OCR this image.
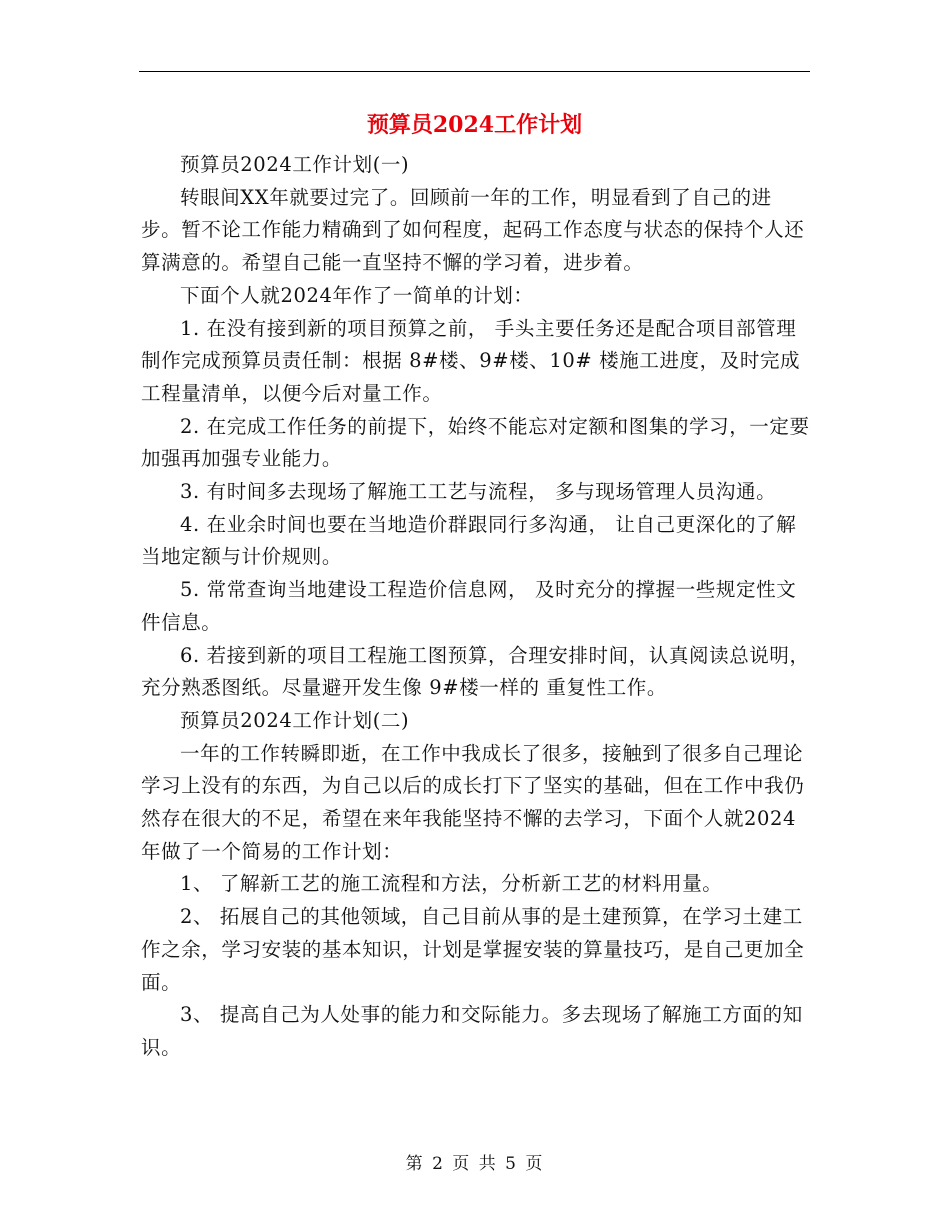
预算员2024工作计划

预算员2024工作计划(一)

转眼间XX年就要过完了。回顾前一年的工作，明显看到了自己的进步。暂不论工作能力精确到了如何程度，起码工作态度与状态的保持个人还算满意的。希望自己能一直坚持不懈的学习着，进步着。

下面个人就2024年作了一简单的计划：

1. 在没有接到新的项目预算之前， 手头主要任务还是配合项目部管理制作完成预算员责任制：根据 8#楼、9#楼、10# 楼施工进度，及时完成工程量清单，以便今后对量工作。

2. 在完成工作任务的前提下，始终不能忘对定额和图集的学习，一定要加强再加强专业能力。

3. 有时间多去现场了解施工工艺与流程， 多与现场管理人员沟通。

4. 在业余时间也要在当地造价群跟同行多沟通， 让自己更深化的了解当地定额与计价规则。

5. 常常查询当地建设工程造价信息网， 及时充分的撑握一些规定性文件信息。

6. 若接到新的项目工程施工图预算，合理安排时间，认真阅读总说明，充分熟悉图纸。尽量避开发生像 9#楼一样的 重复性工作。

预算员2024工作计划(二)

一年的工作转瞬即逝，在工作中我成长了很多，接触到了很多自己理论学习上没有的东西，为自己以后的成长打下了坚实的基础，但在工作中我仍然存在很大的不足，希望在来年我能坚持不懈的去学习，下面个人就2024年做了一个简易的工作计划：

1、 了解新工艺的施工流程和方法，分析新工艺的材料用量。

2、 拓展自己的其他领域，自己目前从事的是土建预算，在学习土建工作之余，学习安装的基本知识，计划是掌握安装的算量技巧，是自己更加全面。

3、 提高自己为人处事的能力和交际能力。多去现场了解施工方面的知识。

第 2 页 共 5 页
